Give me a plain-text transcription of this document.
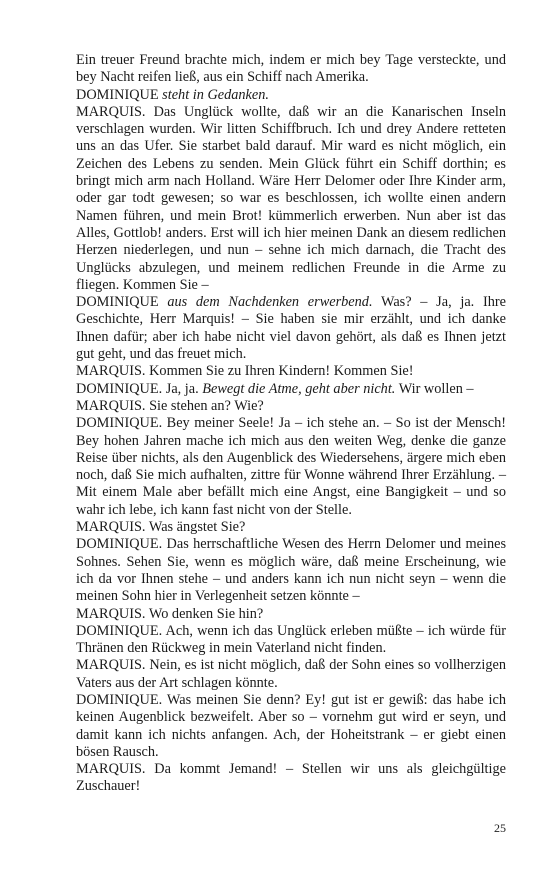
Ein treuer Freund brachte mich, indem er mich bey Tage versteckte, und bey Nacht reifen ließ, aus ein Schiff nach Amerika.

DOMINIQUE steht in Gedanken.

MARQUIS. Das Unglück wollte, daß wir an die Kanarischen Inseln verschlagen wurden. Wir litten Schiffbruch. Ich und drey Andere retteten uns an das Ufer. Sie starbet bald darauf. Mir ward es nicht möglich, ein Zeichen des Lebens zu senden. Mein Glück führt ein Schiff dorthin; es bringt mich arm nach Holland. Wäre Herr Delomer oder Ihre Kinder arm, oder gar todt gewesen; so war es beschlossen, ich wollte einen andern Namen führen, und mein Brot! kümmerlich erwerben. Nun aber ist das Alles, Gottlob! anders. Erst will ich hier meinen Dank an diesem redlichen Herzen niederlegen, und nun – sehne ich mich darnach, die Tracht des Unglücks abzulegen, und meinem redlichen Freunde in die Arme zu fliegen. Kommen Sie –

DOMINIQUE aus dem Nachdenken erwerbend. Was? – Ja, ja. Ihre Geschichte, Herr Marquis! – Sie haben sie mir erzählt, und ich danke Ihnen dafür; aber ich habe nicht viel davon gehört, als daß es Ihnen jetzt gut geht, und das freuet mich.

MARQUIS. Kommen Sie zu Ihren Kindern! Kommen Sie!

DOMINIQUE. Ja, ja. Bewegt die Atme, geht aber nicht. Wir wollen –

MARQUIS. Sie stehen an? Wie?

DOMINIQUE. Bey meiner Seele! Ja – ich stehe an. – So ist der Mensch! Bey hohen Jahren mache ich mich aus den weiten Weg, denke die ganze Reise über nichts, als den Augenblick des Wiedersehens, ärgere mich eben noch, daß Sie mich aufhalten, zittre für Wonne während Ihrer Erzählung. – Mit einem Male aber befällt mich eine Angst, eine Bangigkeit – und so wahr ich lebe, ich kann fast nicht von der Stelle.

MARQUIS. Was ängstet Sie?

DOMINIQUE. Das herrschaftliche Wesen des Herrn Delomer und meines Sohnes. Sehen Sie, wenn es möglich wäre, daß meine Erscheinung, wie ich da vor Ihnen stehe – und anders kann ich nun nicht seyn – wenn die meinen Sohn hier in Verlegenheit setzen könnte –

MARQUIS. Wo denken Sie hin?

DOMINIQUE. Ach, wenn ich das Unglück erleben müßte – ich würde für Thränen den Rückweg in mein Vaterland nicht finden.

MARQUIS. Nein, es ist nicht möglich, daß der Sohn eines so vollherzigen Vaters aus der Art schlagen könnte.

DOMINIQUE. Was meinen Sie denn? Ey! gut ist er gewiß: das habe ich keinen Augenblick bezweifelt. Aber so – vornehm gut wird er seyn, und damit kann ich nichts anfangen. Ach, der Hoheitstrank – er giebt einen bösen Rausch.

MARQUIS. Da kommt Jemand! – Stellen wir uns als gleichgültige Zuschauer!

25
